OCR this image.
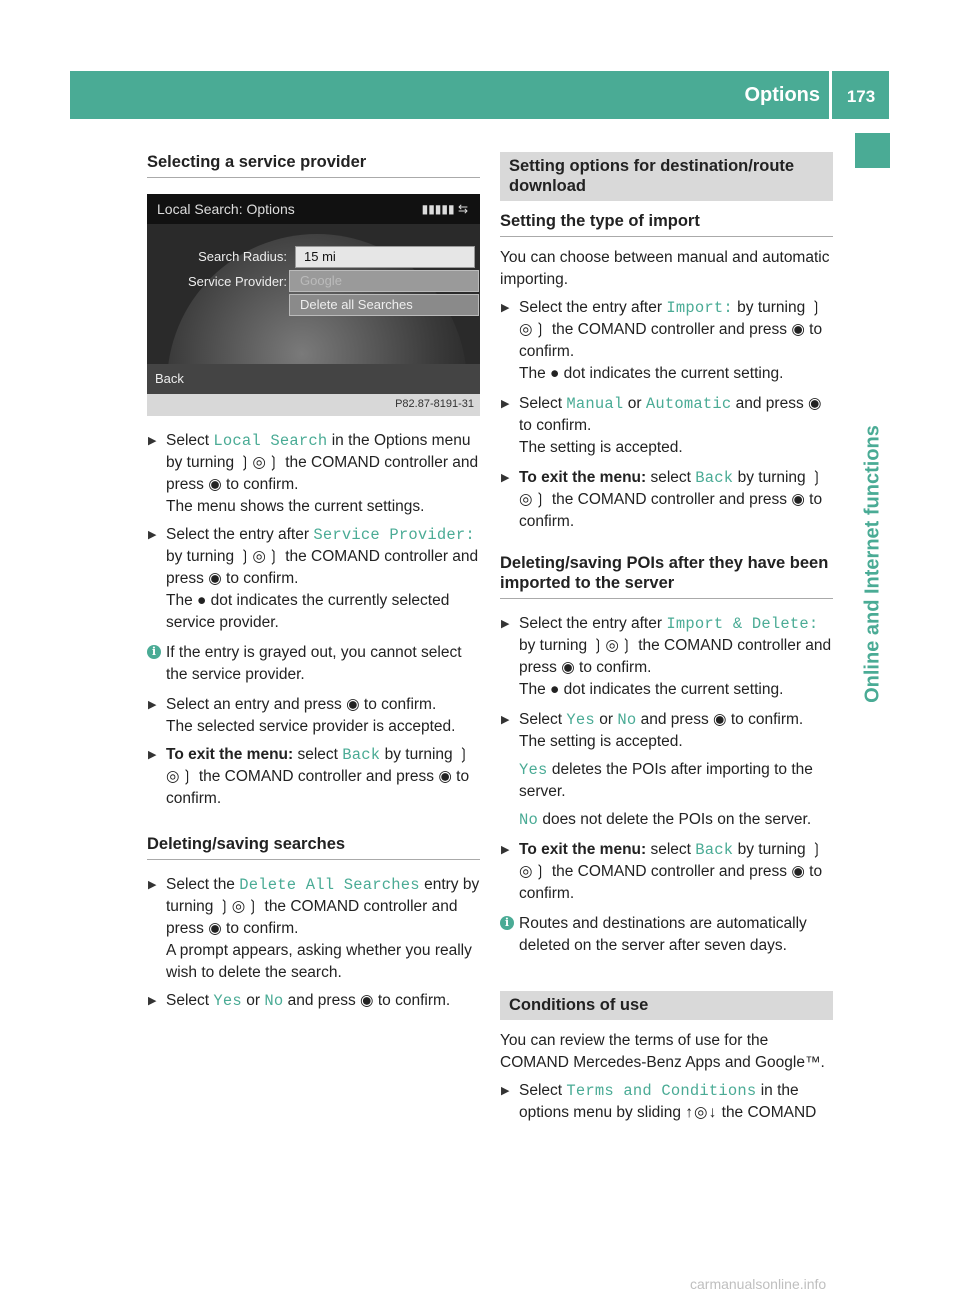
Options	173
Online and Internet functions
Selecting a service provider
Local Search: Options	▮▮▮▮▮ ⇆
Search Radius:	15 mi
Service Provider:	Google
Delete all Searches
Back
P82.87-8191-31
▶ Select Local Search in the Options menu by turning ❳◎❳ the COMAND controller and press ◉ to confirm.

The menu shows the current settings.

▶ Select the entry after Service Provider: by turning ❳◎❳ the COMAND controller and press ◉ to confirm.

The ● dot indicates the currently selected service provider.

i If the entry is grayed out, you cannot select the service provider.
▶ Select an entry and press ◉ to confirm.

The selected service provider is accepted.

▶ To exit the menu: select Back by turning ❳◎❳ the COMAND controller and press ◉ to confirm.
Deleting/saving searches
▶ Select the Delete All Searches entry by turning ❳◎❳ the COMAND controller and press ◉ to confirm.

A prompt appears, asking whether you really wish to delete the search.

▶ Select Yes or No and press ◉ to confirm.
Setting options for destination/route download
Setting the type of import

You can choose between manual and automatic importing.

▶ Select the entry after Import: by turning ❳◎❳ the COMAND controller and press ◉ to confirm.

The ● dot indicates the current setting.

▶ Select Manual or Automatic and press ◉ to confirm.

The setting is accepted.

▶ To exit the menu: select Back by turning ❳◎❳ the COMAND controller and press ◉ to confirm.
Deleting/saving POIs after they have been imported to the server
▶ Select the entry after Import & Delete: by turning ❳◎❳ the COMAND controller and press ◉ to confirm.

The ● dot indicates the current setting.

▶ Select Yes or No and press ◉ to confirm.

The setting is accepted.

Yes deletes the POIs after importing to the server.

No does not delete the POIs on the server.

▶ To exit the menu: select Back by turning ❳◎❳ the COMAND controller and press ◉ to confirm.
i Routes and destinations are automatically deleted on the server after seven days.
Conditions of use

You can review the terms of use for the COMAND Mercedes-Benz Apps and Google™.

▶ Select Terms and Conditions in the options menu by sliding ↑◎↓ the COMAND
carmanualsonline.info
